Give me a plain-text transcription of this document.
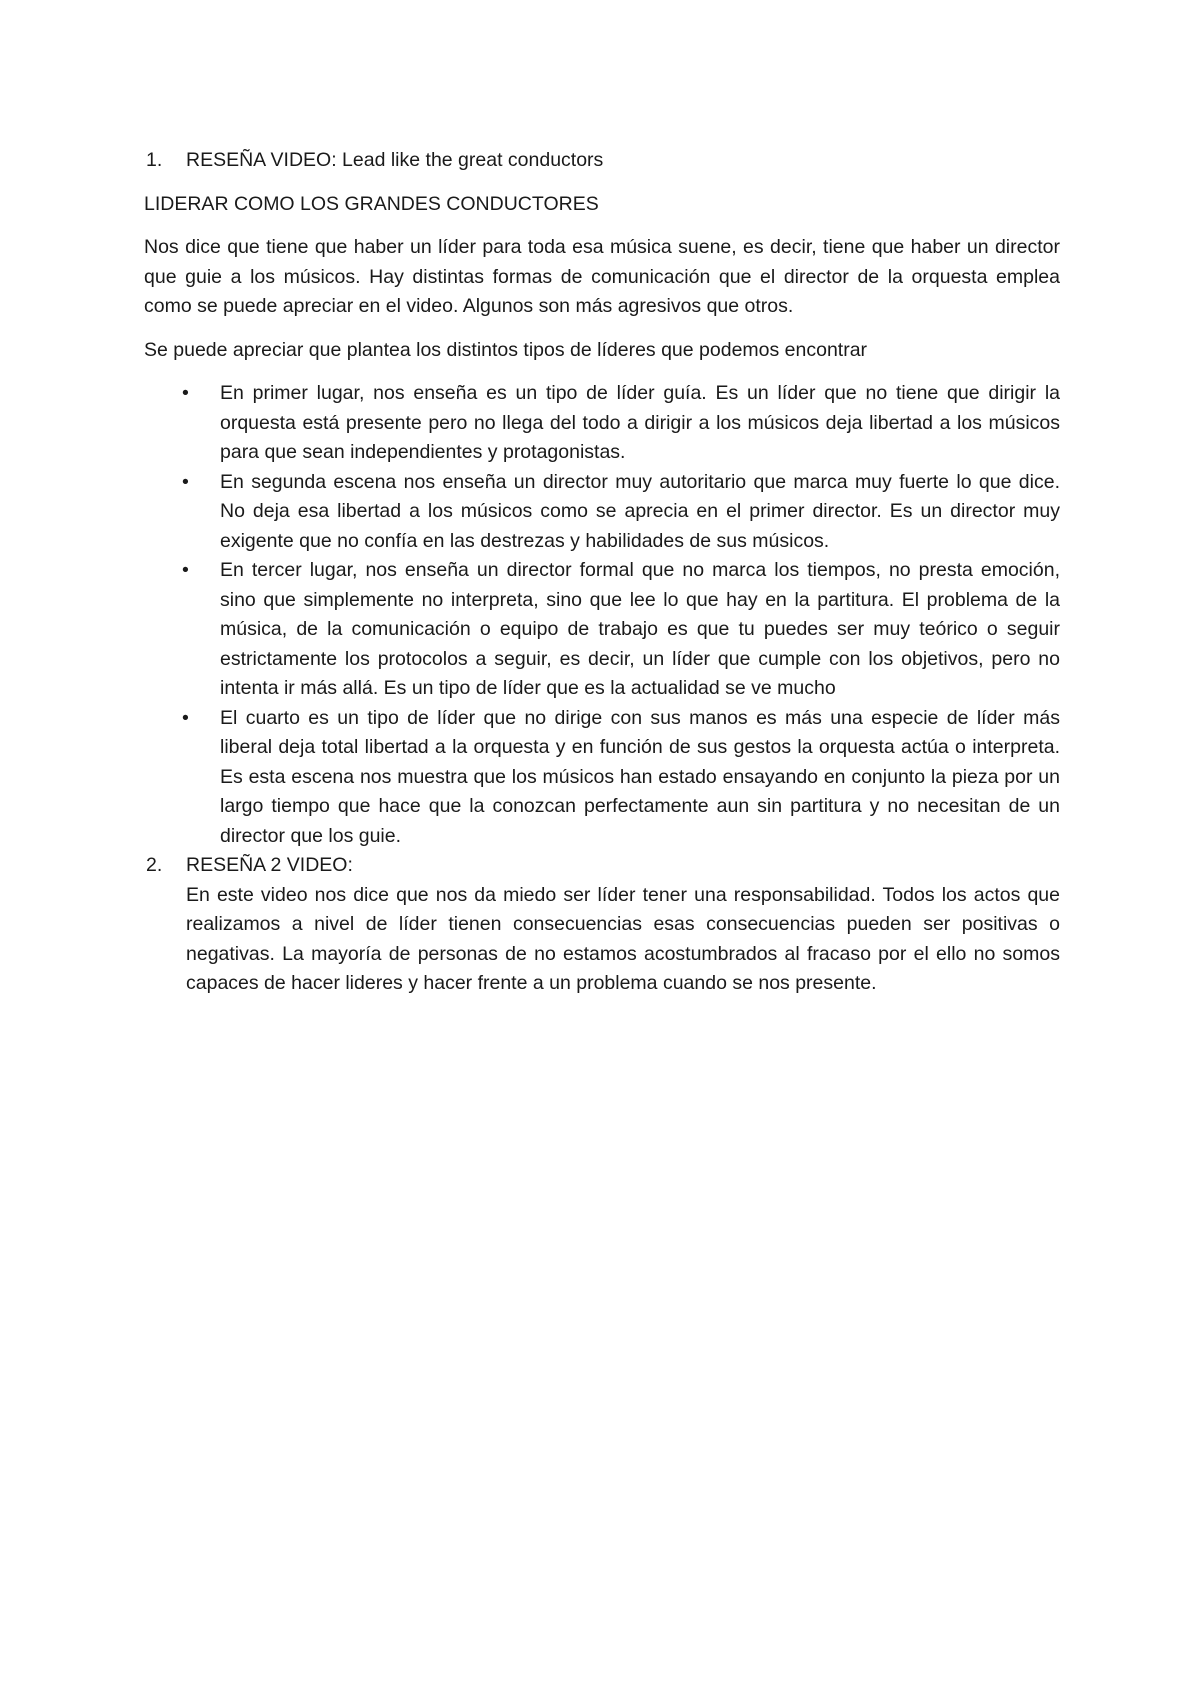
1.	RESEÑA VIDEO: Lead like the great conductors

LIDERAR COMO LOS GRANDES CONDUCTORES

Nos dice que tiene que haber un líder para toda esa música suene, es decir, tiene que haber un director que guie a los músicos. Hay distintas formas de comunicación que el director de la orquesta emplea como se puede apreciar en el video. Algunos son más agresivos que otros.

Se puede apreciar que plantea los distintos tipos de líderes que podemos encontrar

• En primer lugar, nos enseña es un tipo de líder guía. Es un líder que no tiene que dirigir la orquesta está presente pero no llega del todo a dirigir a los músicos deja libertad a los músicos para que sean independientes y protagonistas.
• En segunda escena nos enseña un director muy autoritario que marca muy fuerte lo que dice. No deja esa libertad a los músicos como se aprecia en el primer director. Es un director muy exigente que no confía en las destrezas y habilidades de sus músicos.
• En tercer lugar, nos enseña un director formal que no marca los tiempos, no presta emoción, sino que simplemente no interpreta, sino que lee lo que hay en la partitura. El problema de la música, de la comunicación o equipo de trabajo es que tu puedes ser muy teórico o seguir estrictamente los protocolos a seguir, es decir, un líder que cumple con los objetivos, pero no intenta ir más allá. Es un tipo de líder que es la actualidad se ve mucho
• El cuarto es un tipo de líder que no dirige con sus manos es más una especie de líder más liberal deja total libertad a la orquesta y en función de sus gestos la orquesta actúa o interpreta. Es esta escena nos muestra que los músicos han estado ensayando en conjunto la pieza por un largo tiempo que hace que la conozcan perfectamente aun sin partitura y no necesitan de un director que los guie.
2.	RESEÑA 2 VIDEO:

En este video nos dice que nos da miedo ser líder tener una responsabilidad. Todos los actos que realizamos a nivel de líder tienen consecuencias esas consecuencias pueden ser positivas o negativas. La mayoría de personas de no estamos acostumbrados al fracaso por el ello no somos capaces de hacer lideres y hacer frente a un problema cuando se nos presente.
